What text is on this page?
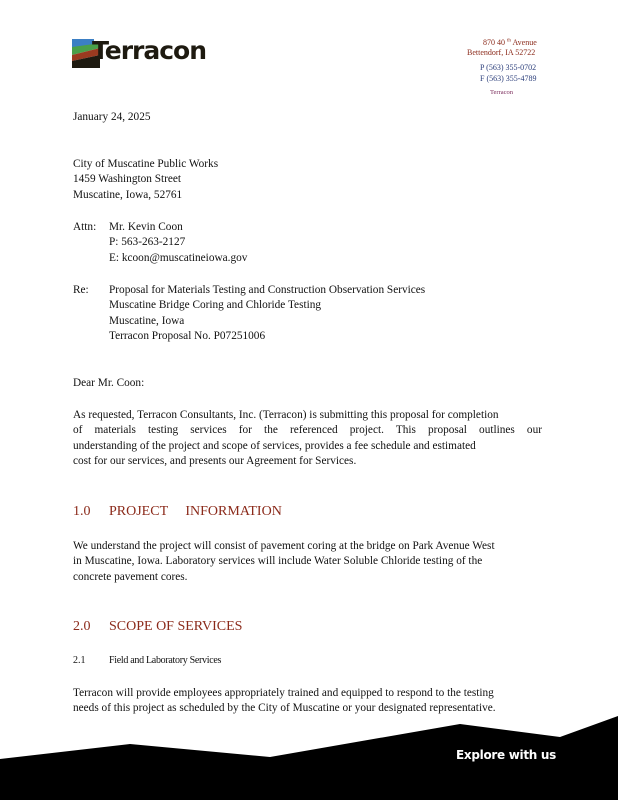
Terracon	870 40 $^{th}$ Avenue
Bettendorf, IA 52722
P (563) 355-0702
F (563) 355-4789
Terracon
January 24, 2025
City of Muscatine Public Works
1459 Washington Street
Muscatine, Iowa, 52761
Attn: Mr. Kevin Coon
P: 563-263-2127
E: kcoon@muscatineiowa.gov
Re: Proposal for Materials Testing and Construction Observation Services
Muscatine Bridge Coring and Chloride Testing
Muscatine, Iowa
Terracon Proposal No. P07251006
Dear Mr. Coon:
As requested, Terracon Consultants, Inc. (Terracon) is submitting this proposal for completion
of materials testing services for the referenced project. This proposal outlines our
understanding of the project and scope of services, provides a fee schedule and estimated
cost for our services, and presents our Agreement for Services.
1.0 PROJECT     INFORMATION
We understand the project will consist of pavement coring at the bridge on Park Avenue West
in Muscatine, Iowa. Laboratory services will include Water Soluble Chloride testing of the
concrete pavement cores.
2.0 SCOPE OF SERVICES
2.1 Field and Laboratory Services
Terracon will provide employees appropriately trained and equipped to respond to the testing
needs of this project as scheduled by the City of Muscatine or your designated representative.
Explore with us
